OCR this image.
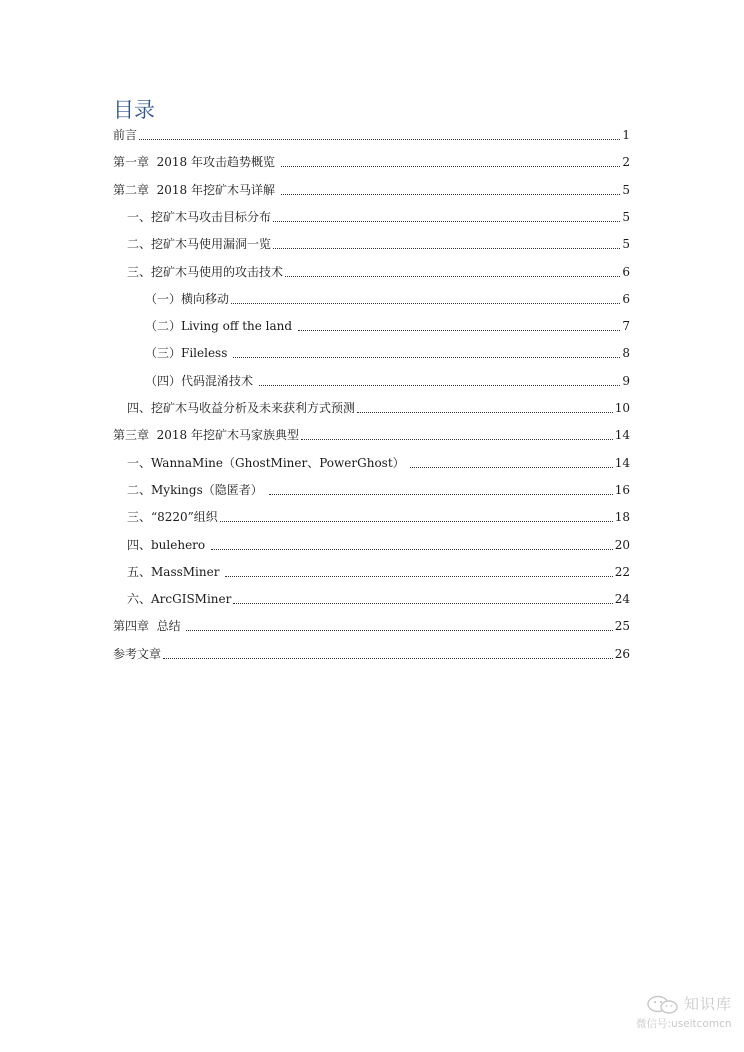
目录
前言	1
第一章  2018 年攻击趋势概览	2
第二章  2018 年挖矿木马详解	5
一、挖矿木马攻击目标分布	5
二、挖矿木马使用漏洞一览	5
三、挖矿木马使用的攻击技术	6
（一）横向移动	6
（二）Living off the land	7
（三）Fileless	8
（四）代码混淆技术	9
四、挖矿木马收益分析及未来获利方式预测	10
第三章  2018 年挖矿木马家族典型	14
一、WannaMine（GhostMiner、PowerGhost）	14
二、Mykings（隐匿者）	16
三、“8220”组织	18
四、bulehero	20
五、MassMiner	22
六、ArcGISMiner	24
第四章  总结	25
参考文章	26
知识库
微信号:useitcomcn
